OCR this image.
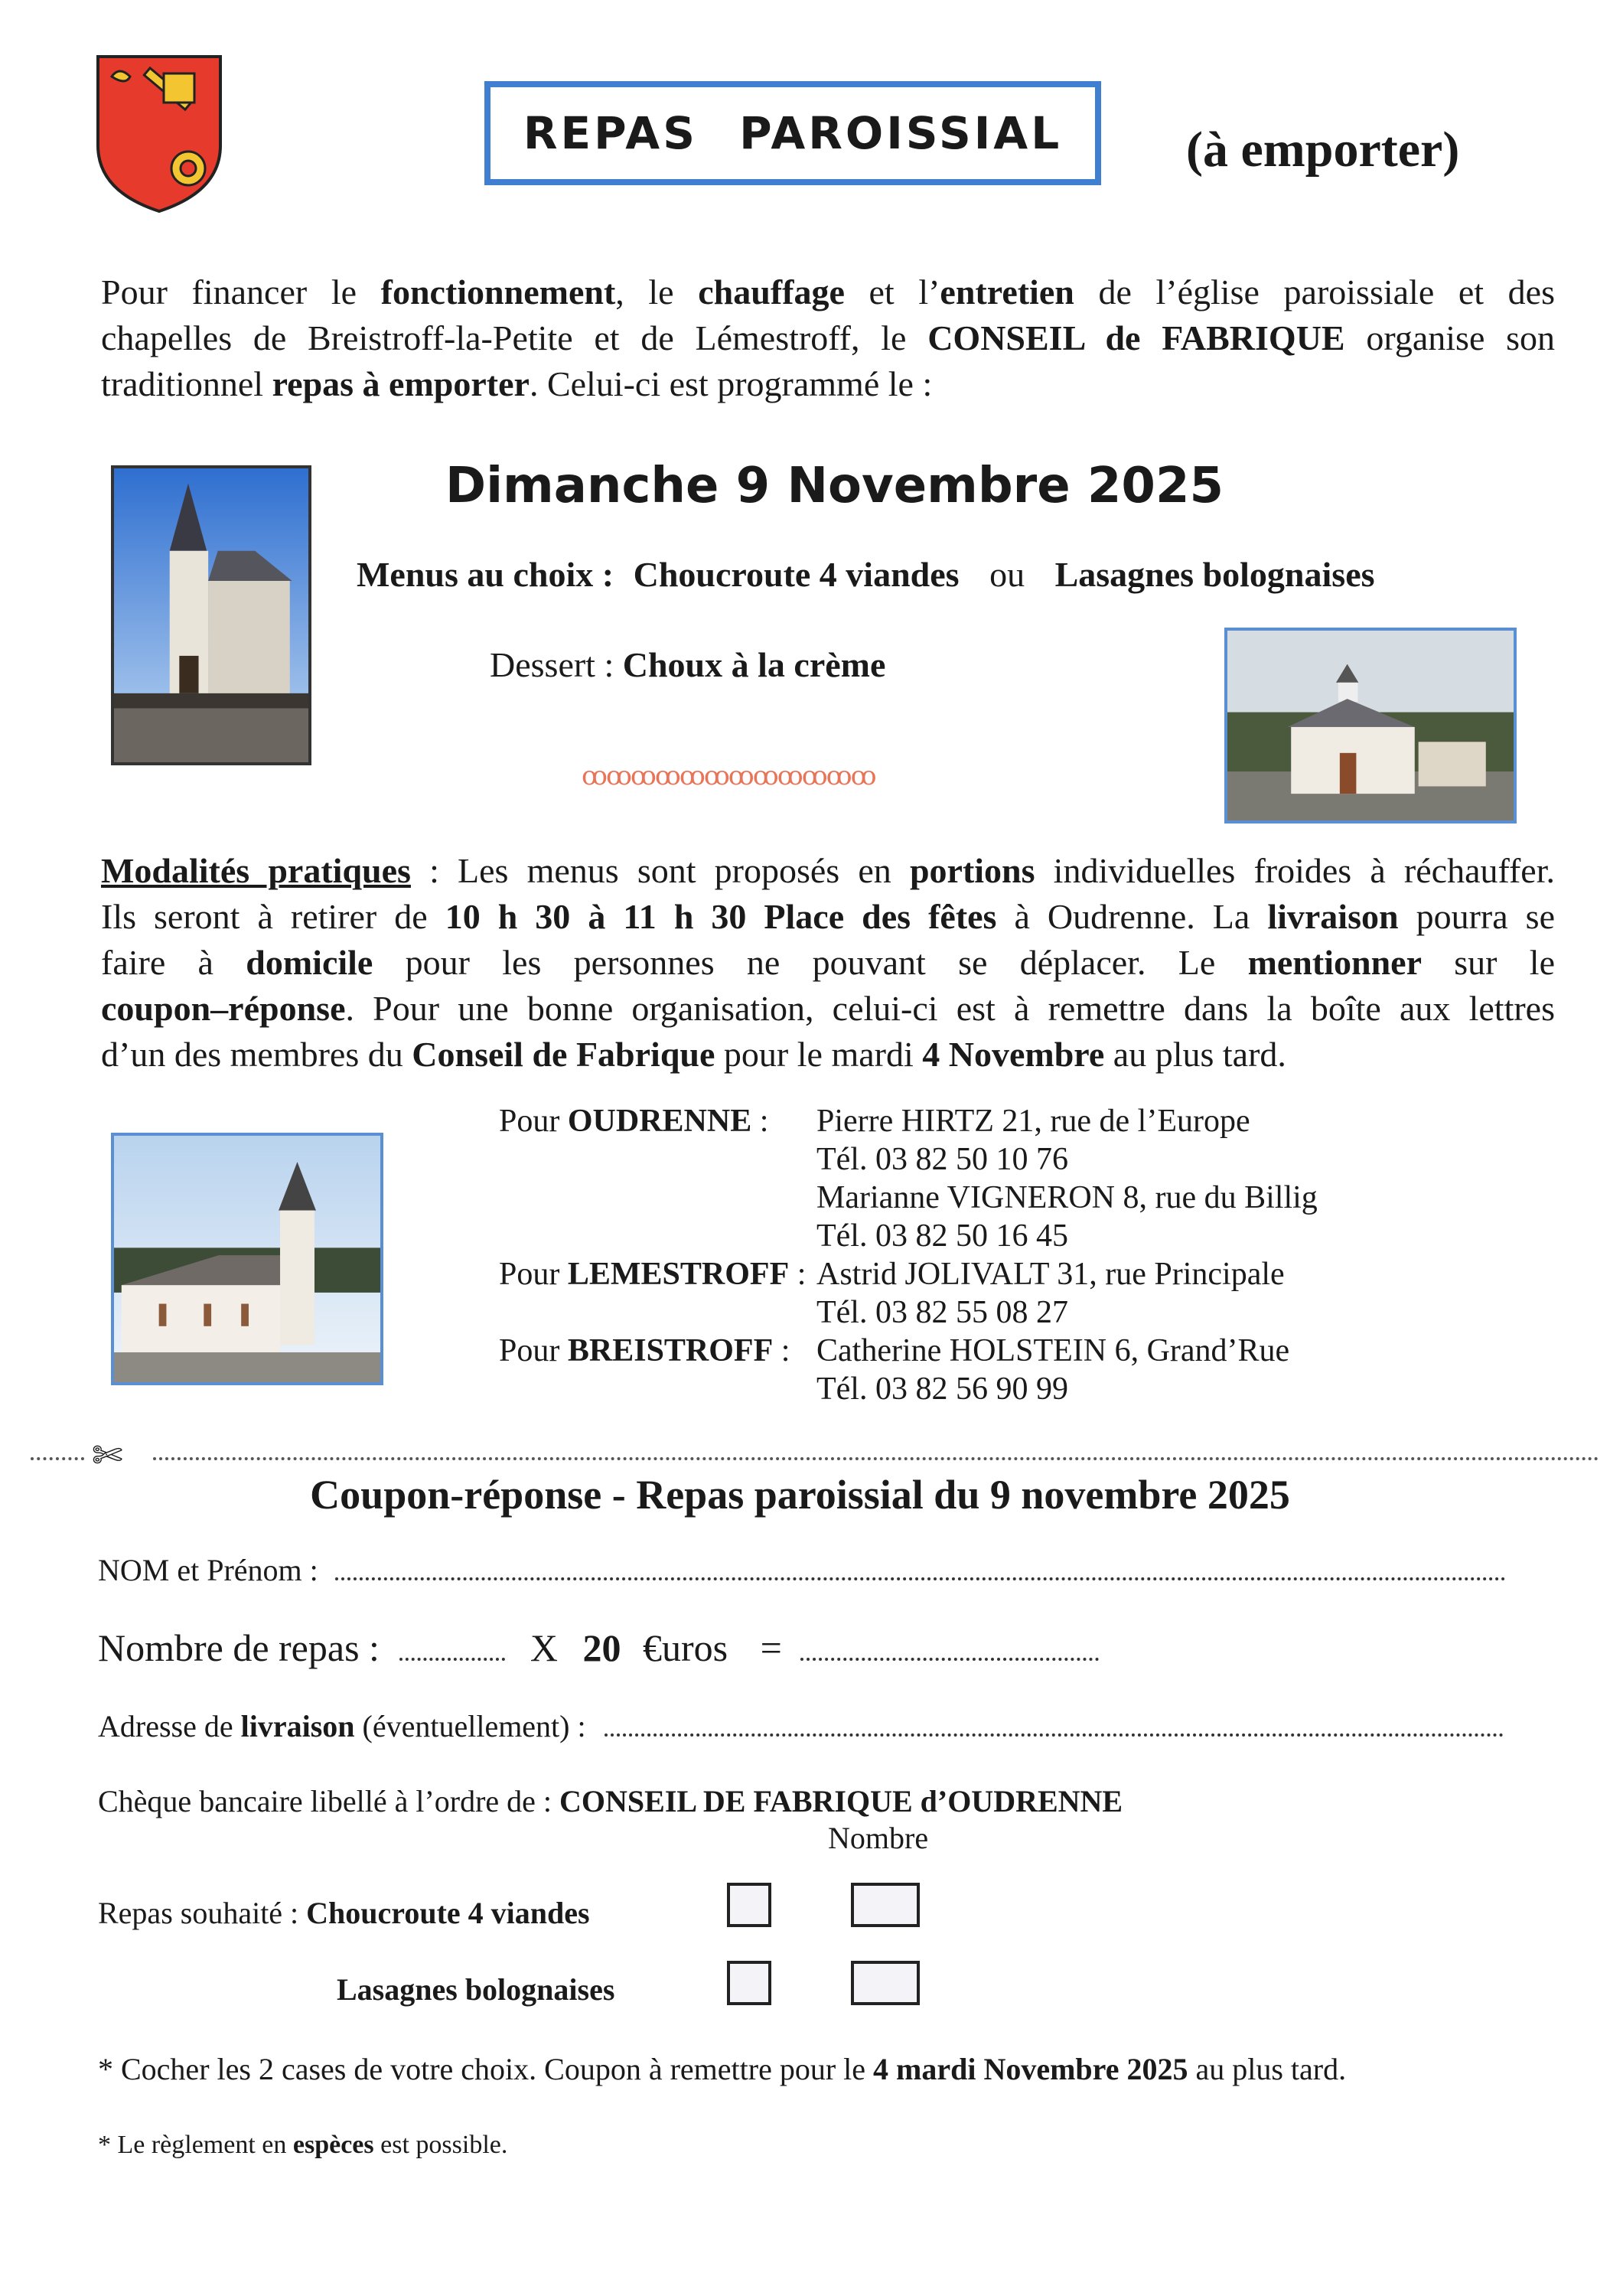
REPAS PAROISSIAL (à emporter)
Pour financer le fonctionnement, le chauffage et l’entretien de l’église paroissiale et des
chapelles de Breistroff-la-Petite et de Lémestroff, le CONSEIL de FABRIQUE organise son
traditionnel repas à emporter. Celui-ci est programmé le :
Dimanche 9 Novembre 2025
Menus au choix : Choucroute 4 viandes ou Lasagnes bolognaises
Dessert : Choux à la crème
ꝏꝏꝏꝏꝏꝏꝏꝏꝏꝏꝏꝏ
Modalités pratiques : Les menus sont proposés en portions individuelles froides à réchauffer.
Ils seront à retirer de 10 h 30 à 11 h 30 Place des fêtes à Oudrenne. La livraison pourra se
faire à domicile pour les personnes ne pouvant se déplacer. Le mentionner sur le
coupon–réponse. Pour une bonne organisation, celui-ci est à remettre dans la boîte aux lettres
d’un des membres du Conseil de Fabrique pour le mardi 4 Novembre au plus tard.
Pour OUDRENNE : Pierre HIRTZ 21, rue de l’Europe
Tél. 03 82 50 10 76
Marianne VIGNERON 8, rue du Billig
Tél. 03 82 50 16 45
Pour LEMESTROFF : Astrid JOLIVALT 31, rue Principale
Tél. 03 82 55 08 27
Pour BREISTROFF : Catherine HOLSTEIN 6, Grand’Rue
Tél. 03 82 56 90 99
✄
Coupon-réponse - Repas paroissial du 9 novembre 2025
NOM et Prénom :
Nombre de repas :	X 20 €uros =
Adresse de livraison (éventuellement) :
Chèque bancaire libellé à l’ordre de : CONSEIL DE FABRIQUE d’OUDRENNE
Nombre
Repas souhaité : Choucroute 4 viandes
Lasagnes bolognaises
* Cocher les 2 cases de votre choix. Coupon à remettre pour le 4 mardi Novembre 2025 au plus tard.
* Le règlement en espèces est possible.
